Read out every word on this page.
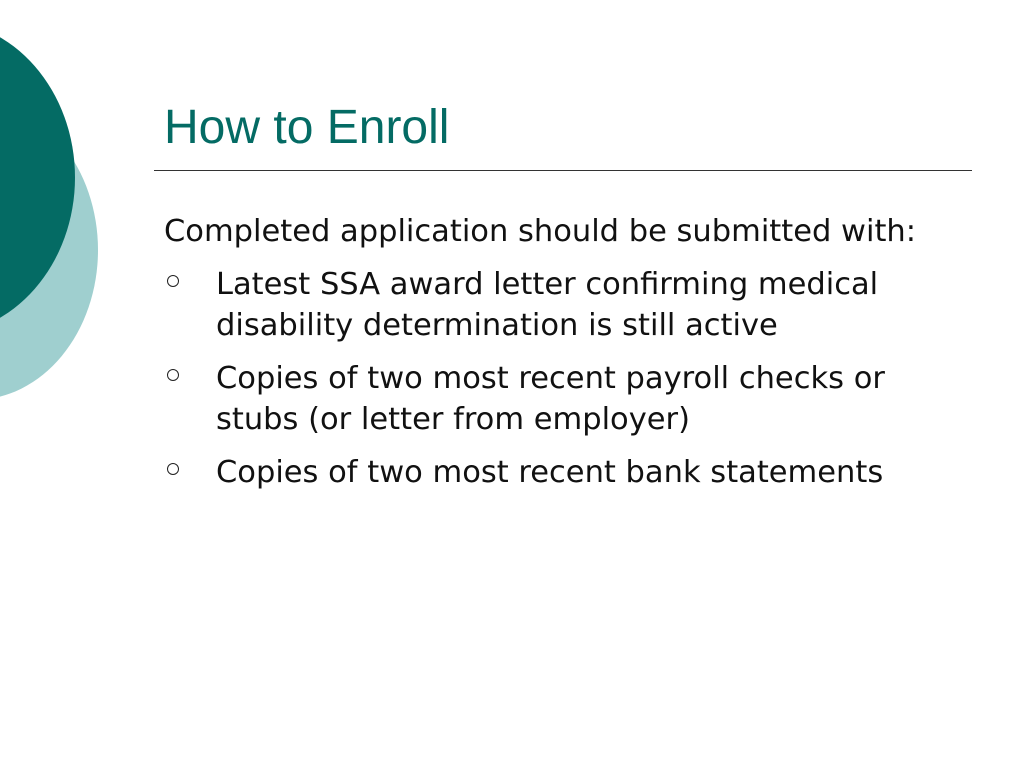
How to Enroll

Completed application should be submitted with:

Latest SSA award letter confirming medical disability determination is still active
Copies of two most recent payroll checks or stubs (or letter from employer)
Copies of two most recent bank statements
